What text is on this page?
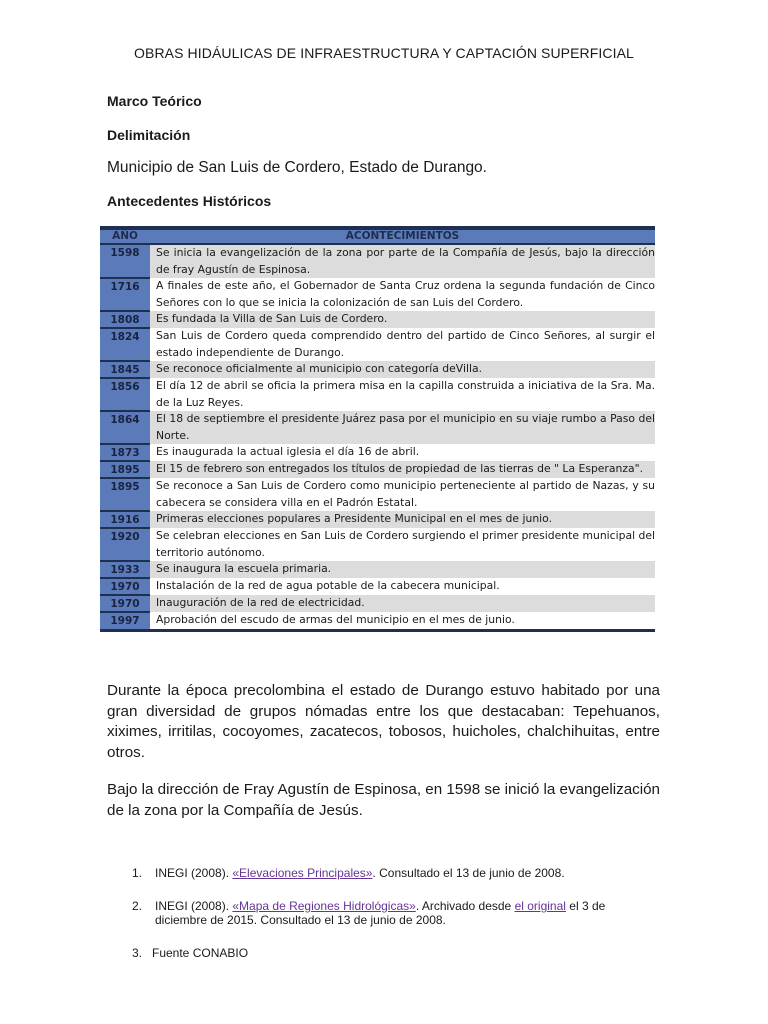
OBRAS HIDÁULICAS DE INFRAESTRUCTURA Y CAPTACIÓN SUPERFICIAL
Marco Teórico
Delimitación
Municipio de San Luis de Cordero, Estado de Durango.
Antecedentes Históricos
AÑO	ACONTECIMIENTOS
1598	Se inicia la evangelización de la zona por parte de la Compañía de Jesús, bajo la dirección de fray Agustín de Espinosa.
1716	A finales de este año, el Gobernador de Santa Cruz ordena la segunda fundación de Cinco Señores con lo que se inicia la colonización de san Luis del Cordero.
1808	Es fundada la Villa de San Luis de Cordero.
1824	San Luis de Cordero queda comprendido dentro del partido de Cinco Señores, al surgir el estado independiente de Durango.
1845	Se reconoce oficialmente al municipio con categoría deVilla.
1856	El día 12 de abril se oficia la primera misa en la capilla construida a iniciativa de la Sra. Ma. de la Luz Reyes.
1864	El 18 de septiembre el presidente Juárez pasa por el municipio en su viaje rumbo a Paso del Norte.
1873	Es inaugurada la actual iglesia el día 16 de abril.
1895	El 15 de febrero son entregados los títulos de propiedad de las tierras de " La Esperanza".
1895	Se reconoce a San Luis de Cordero como municipio perteneciente al partido de Nazas, y su cabecera se considera villa en el Padrón Estatal.
1916	Primeras elecciones populares a Presidente Municipal en el mes de junio.
1920	Se celebran elecciones en San Luis de Cordero surgiendo el primer presidente municipal del territorio autónomo.
1933	Se inaugura la escuela primaria.
1970	Instalación de la red de agua potable de la cabecera municipal.
1970	Inauguración de la red de electricidad.
1997	Aprobación del escudo de armas del municipio en el mes de junio.
Durante la época precolombina el estado de Durango estuvo habitado por una gran diversidad de grupos nómadas entre los que destacaban: Tepehuanos, xiximes, irritilas, cocoyomes, zacatecos, tobosos, huicholes, chalchihuitas, entre otros.
Bajo la dirección de Fray Agustín de Espinosa, en 1598 se inició la evangelización de la zona por la Compañía de Jesús.
1. INEGI (2008). «Elevaciones Principales». Consultado el 13 de junio de 2008.
2. INEGI (2008). «Mapa de Regiones Hidrológicas». Archivado desde el original el 3 de diciembre de 2015. Consultado el 13 de junio de 2008.
3. Fuente CONABIO
